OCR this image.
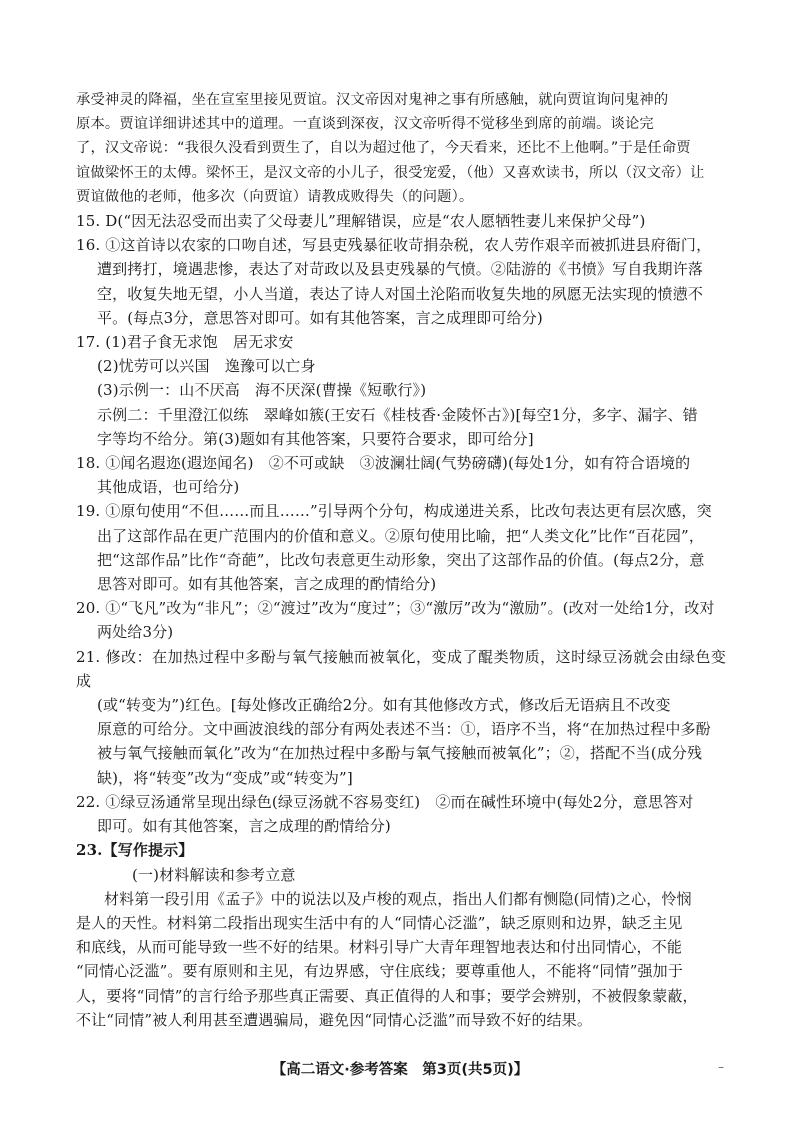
承受神灵的降福，坐在宣室里接见贾谊。汉文帝因对鬼神之事有所感触，就向贾谊询问鬼神的
原本。贾谊详细讲述其中的道理。一直谈到深夜，汉文帝听得不觉移坐到席的前端。谈论完
了，汉文帝说：“我很久没看到贾生了，自以为超过他了，今天看来，还比不上他啊。”于是任命贾
谊做梁怀王的太傅。梁怀王，是汉文帝的小儿子，很受宠爱，（他）又喜欢读书，所以（汉文帝）让
贾谊做他的老师，他多次（向贾谊）请教成败得失（的问题）。
15. D(“因无法忍受而出卖了父母妻儿”理解错误，应是“农人愿牺牲妻儿来保护父母”)
16. ①这首诗以农家的口吻自述，写县吏残暴征收苛捐杂税，农人劳作艰辛而被抓进县府衙门，
遭到拷打，境遇悲惨，表达了对苛政以及县吏残暴的气愤。②陆游的《书愤》写自我期许落
空，收复失地无望，小人当道，表达了诗人对国土沦陷而收复失地的夙愿无法实现的愤懑不
平。(每点3分，意思答对即可。如有其他答案，言之成理即可给分)
17. (1)君子食无求饱　居无求安
(2)忧劳可以兴国　逸豫可以亡身
(3)示例一：山不厌高　海不厌深(曹操《短歌行》)
示例二：千里澄江似练　翠峰如簇(王安石《桂枝香·金陵怀古》)[每空1分，多字、漏字、错
字等均不给分。第(3)题如有其他答案，只要符合要求，即可给分]
18. ①闻名遐迩(遐迩闻名)　②不可或缺　③波澜壮阔(气势磅礴)(每处1分，如有符合语境的
其他成语，也可给分)
19. ①原句使用“不但……而且……”引导两个分句，构成递进关系，比改句表达更有层次感，突
出了这部作品在更广范围内的价值和意义。②原句使用比喻，把“人类文化”比作“百花园”，
把“这部作品”比作“奇葩”，比改句表意更生动形象，突出了这部作品的价值。(每点2分，意
思答对即可。如有其他答案，言之成理的酌情给分)
20. ①“飞凡”改为“非凡”；②“渡过”改为“度过”；③“激厉”改为“激励”。(改对一处给1分，改对
两处给3分)
21. 修改：在加热过程中多酚与氧气接触而被氧化，变成了醌类物质，这时绿豆汤就会由绿色变成
(或“转变为”)红色。[每处修改正确给2分。如有其他修改方式，修改后无语病且不改变
原意的可给分。文中画波浪线的部分有两处表述不当：①，语序不当，将“在加热过程中多酚
被与氧气接触而氧化”改为“在加热过程中多酚与氧气接触而被氧化”；②，搭配不当(成分残
缺)，将“转变”改为“变成”或“转变为”]
22. ①绿豆汤通常呈现出绿色(绿豆汤就不容易变红)　②而在碱性环境中(每处2分，意思答对
即可。如有其他答案，言之成理的酌情给分)
23.【写作提示】
(一)材料解读和参考立意
材料第一段引用《孟子》中的说法以及卢梭的观点，指出人们都有恻隐(同情)之心，怜悯
是人的天性。材料第二段指出现实生活中有的人“同情心泛滥”，缺乏原则和边界，缺乏主见
和底线，从而可能导致一些不好的结果。材料引导广大青年理智地表达和付出同情心，不能
“同情心泛滥”。要有原则和主见，有边界感，守住底线；要尊重他人，不能将“同情”强加于
人，要将“同情”的言行给予那些真正需要、真正值得的人和事；要学会辨别，不被假象蒙蔽，
不让“同情”被人利用甚至遭遇骗局，避免因“同情心泛滥”而导致不好的结果。
【高二语文·参考答案　第3页(共5页)】	–
